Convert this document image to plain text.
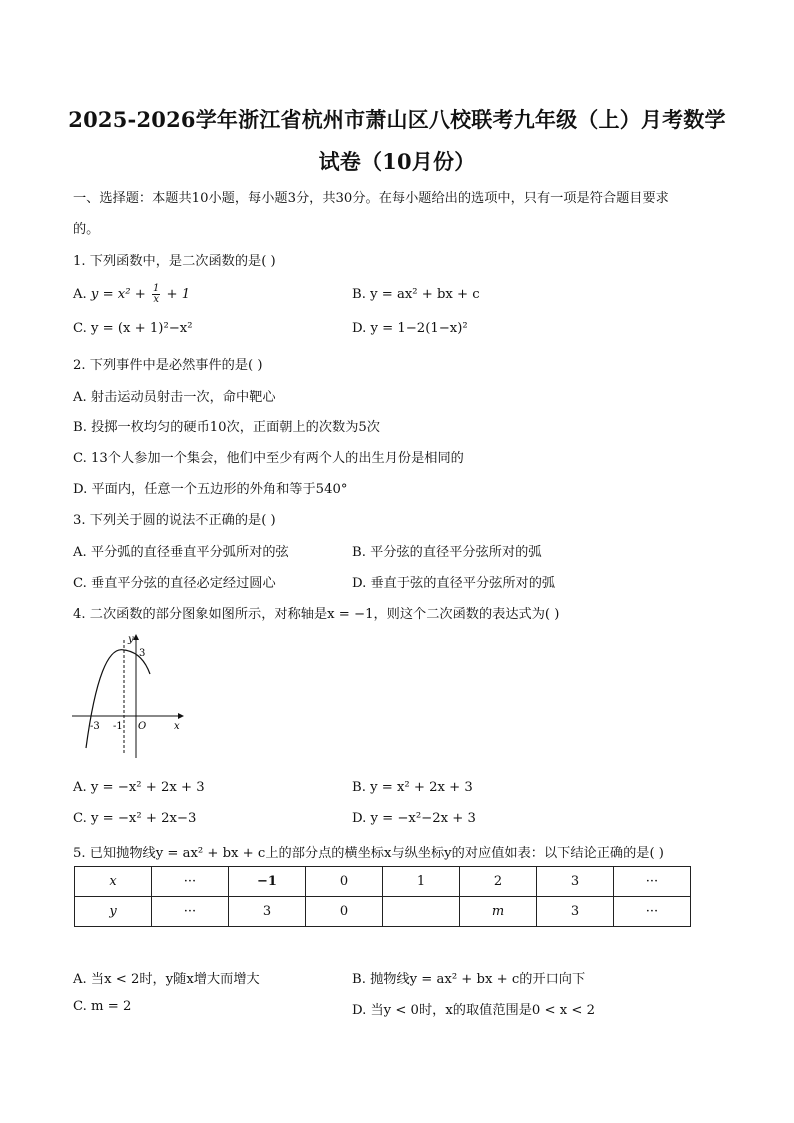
2025-2026学年浙江省杭州市萧山区八校联考九年级（上）月考数学
试卷（10月份）
一、选择题：本题共10小题，每小题3分，共30分。在每小题给出的选项中，只有一项是符合题目要求
的。
1. 下列函数中，是二次函数的是( )
A. $y = x^2 + \frac{1}{x} + 1$	B. y = ax² + bx + c
C. y = (x + 1)²−x²	D. y = 1−2(1−x)²
2. 下列事件中是必然事件的是( )
A. 射击运动员射击一次，命中靶心
B. 投掷一枚均匀的硬币10次，正面朝上的次数为5次
C. 13个人参加一个集会，他们中至少有两个人的出生月份是相同的
D. 平面内，任意一个五边形的外角和等于540°
3. 下列关于圆的说法不正确的是( )
A. 平分弧的直径垂直平分弧所对的弦	B. 平分弦的直径平分弦所对的弧
C. 垂直平分弦的直径必定经过圆心	D. 垂直于弦的直径平分弦所对的弧
4. 二次函数的部分图象如图所示，对称轴是x = −1，则这个二次函数的表达式为( )
y
x
3
O
-3 -1
A. y = −x² + 2x + 3	B. y = x² + 2x + 3
C. y = −x² + 2x−3	D. y = −x²−2x + 3
5. 已知抛物线y = ax² + bx + c上的部分点的横坐标x与纵坐标y的对应值如表：以下结论正确的是( )
x	···	−1	0	1	2	3	···
y	···	3	0		m	3	···
A. 当x < 2时，y随x增大而增大	B. 抛物线y = ax² + bx + c的开口向下
C. m = 2	D. 当y < 0时，x的取值范围是0 < x < 2
